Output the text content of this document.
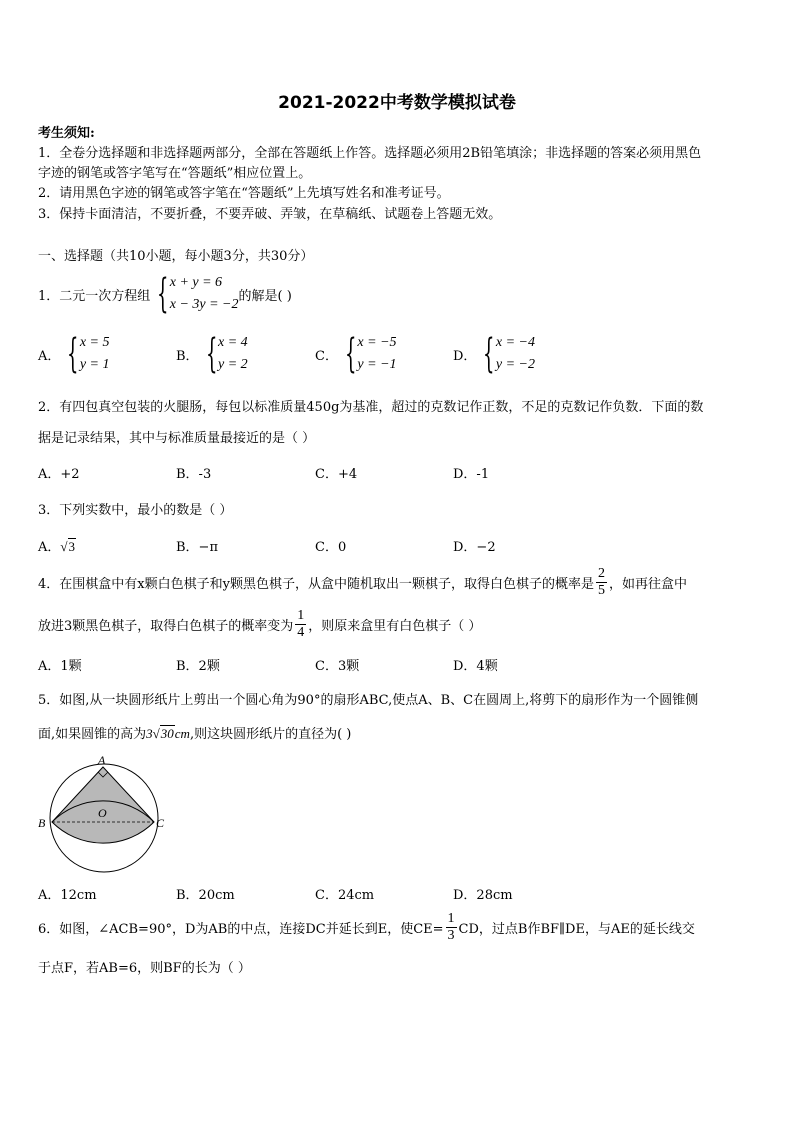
2021-2022中考数学模拟试卷
考生须知:
1．全卷分选择题和非选择题两部分，全部在答题纸上作答。选择题必须用2B铅笔填涂；非选择题的答案必须用黑色
字迹的钢笔或答字笔写在“答题纸”相应位置上。
2．请用黑色字迹的钢笔或答字笔在“答题纸”上先填写姓名和准考证号。
3．保持卡面清洁，不要折叠，不要弄破、弄皱，在草稿纸、试题卷上答题无效。
一、选择题（共10小题，每小题3分，共30分）
1．二元一次方程组 { x + y = 6
x − 3y = −2
的解是( )
A． { x = 5
y = 1
B． { x = 4
y = 2
C． { x = −5
y = −1
D． { x = −4
y = −2
2．有四包真空包装的火腿肠，每包以标准质量450g为基准，超过的克数记作正数，不足的克数记作负数．下面的数
据是记录结果，其中与标准质量最接近的是（ ）
A．+2	B．-3	C．+4	D．-1
3．下列实数中，最小的数是（ ）
A．√3	B．−π	C．0	D．−2
4．在围棋盒中有x颗白色棋子和y颗黑色棋子，从盒中随机取出一颗棋子，取得白色棋子的概率是 $\frac{2}{5}$ ，如再往盒中
放进3颗黑色棋子，取得白色棋子的概率变为 $\frac{1}{4}$ ，则原来盒里有白色棋子（ ）
A．1颗	B．2颗	C．3颗	D．4颗
5．如图,从一块圆形纸片上剪出一个圆心角为90°的扇形ABC,使点A、B、C在圆周上,将剪下的扇形作为一个圆锥侧
面,如果圆锥的高为3√30cm,则这块圆形纸片的直径为( )
A
B	C
O
A．12cm	B．20cm	C．24cm	D．28cm
6．如图，∠ACB=90°，D为AB的中点，连接DC并延长到E，使$CE= \frac{1}{3}$ CD，过点B作BF∥DE，与AE的延长线交
于点F，若AB=6，则BF的长为（ ）
